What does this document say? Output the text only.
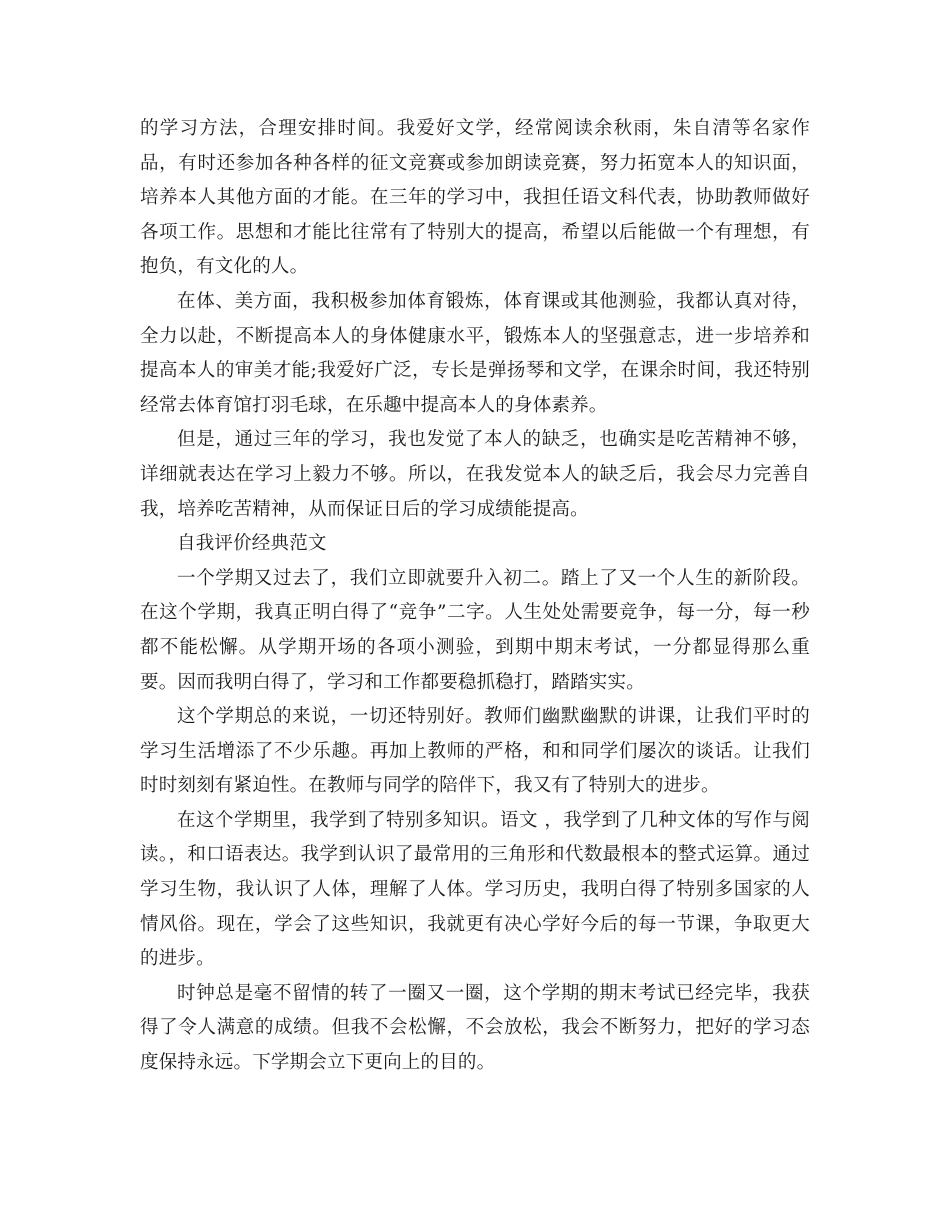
的学习方法，合理安排时间。我爱好文学，经常阅读余秋雨，朱自清等名家作品，有时还参加各种各样的征文竞赛或参加朗读竞赛，努力拓宽本人的知识面，培养本人其他方面的才能。在三年的学习中，我担任语文科代表，协助教师做好各项工作。思想和才能比往常有了特别大的提高，希望以后能做一个有理想，有抱负，有文化的人。

在体、美方面，我积极参加体育锻炼，体育课或其他测验，我都认真对待，全力以赴，不断提高本人的身体健康水平，锻炼本人的坚强意志，进一步培养和提高本人的审美才能;我爱好广泛，专长是弹扬琴和文学，在课余时间，我还特别经常去体育馆打羽毛球，在乐趣中提高本人的身体素养。

但是，通过三年的学习，我也发觉了本人的缺乏，也确实是吃苦精神不够，详细就表达在学习上毅力不够。所以，在我发觉本人的缺乏后，我会尽力完善自我，培养吃苦精神，从而保证日后的学习成绩能提高。

自我评价经典范文

一个学期又过去了，我们立即就要升入初二。踏上了又一个人生的新阶段。在这个学期，我真正明白得了“竞争”二字。人生处处需要竞争，每一分，每一秒都不能松懈。从学期开场的各项小测验，到期中期末考试，一分都显得那么重要。因而我明白得了，学习和工作都要稳抓稳打，踏踏实实。

这个学期总的来说，一切还特别好。教师们幽默幽默的讲课，让我们平时的学习生活增添了不少乐趣。再加上教师的严格，和和同学们屡次的谈话。让我们时时刻刻有紧迫性。在教师与同学的陪伴下，我又有了特别大的进步。

在这个学期里，我学到了特别多知识。语文 ，我学到了几种文体的写作与阅读。，和口语表达。我学到认识了最常用的三角形和代数最根本的整式运算。通过学习生物，我认识了人体，理解了人体。学习历史，我明白得了特别多国家的人情风俗。现在，学会了这些知识，我就更有决心学好今后的每一节课，争取更大的进步。

时钟总是毫不留情的转了一圈又一圈，这个学期的期末考试已经完毕，我获得了令人满意的成绩。但我不会松懈，不会放松，我会不断努力，把好的学习态度保持永远。下学期会立下更向上的目的。
